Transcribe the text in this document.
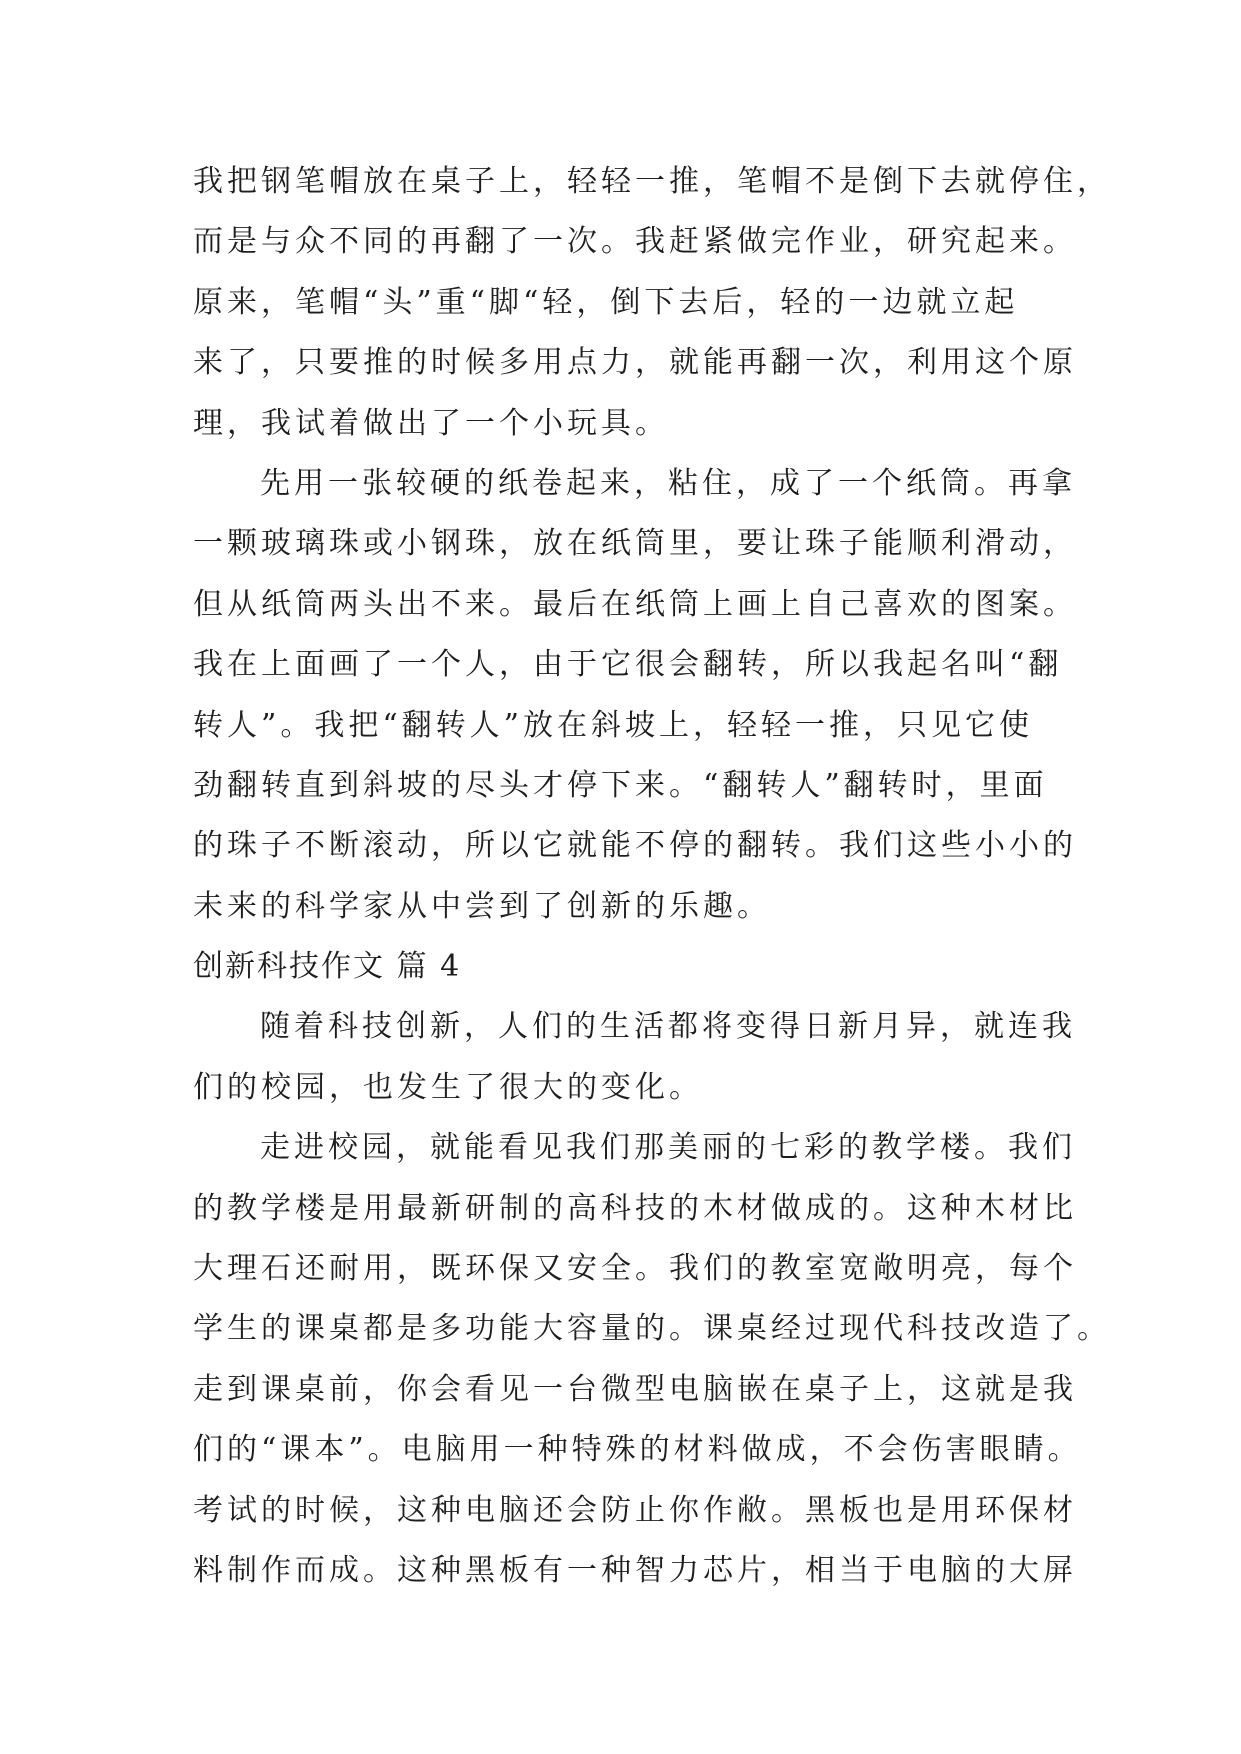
我把钢笔帽放在桌子上，轻轻一推，笔帽不是倒下去就停住，
而是与众不同的再翻了一次。我赶紧做完作业，研究起来。
原来，笔帽“头”重“脚“轻，倒下去后，轻的一边就立起
来了，只要推的时候多用点力，就能再翻一次，利用这个原
理，我试着做出了一个小玩具。
先用一张较硬的纸卷起来，粘住，成了一个纸筒。再拿
一颗玻璃珠或小钢珠，放在纸筒里，要让珠子能顺利滑动，
但从纸筒两头出不来。最后在纸筒上画上自己喜欢的图案。
我在上面画了一个人，由于它很会翻转，所以我起名叫“翻
转人”。我把“翻转人”放在斜坡上，轻轻一推，只见它使
劲翻转直到斜坡的尽头才停下来。“翻转人”翻转时，里面
的珠子不断滚动，所以它就能不停的翻转。我们这些小小的
未来的科学家从中尝到了创新的乐趣。
创新科技作文 篇 4
随着科技创新，人们的生活都将变得日新月异，就连我
们的校园，也发生了很大的变化。
走进校园，就能看见我们那美丽的七彩的教学楼。我们
的教学楼是用最新研制的高科技的木材做成的。这种木材比
大理石还耐用，既环保又安全。我们的教室宽敞明亮，每个
学生的课桌都是多功能大容量的。课桌经过现代科技改造了。
走到课桌前，你会看见一台微型电脑嵌在桌子上，这就是我
们的“课本”。电脑用一种特殊的材料做成，不会伤害眼睛。
考试的时候，这种电脑还会防止你作敝。黑板也是用环保材
料制作而成。这种黑板有一种智力芯片，相当于电脑的大屏
